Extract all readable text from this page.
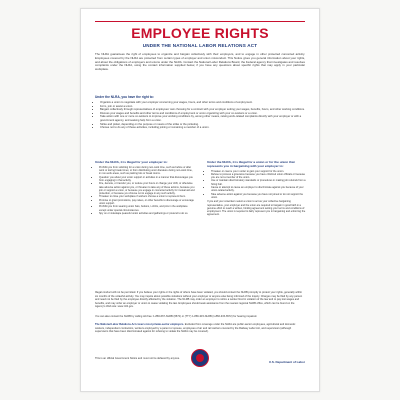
EMPLOYEE RIGHTS
UNDER THE NATIONAL LABOR RELATIONS ACT
The NLRA guarantees the right of employees to organize and bargain collectively with their employers, and to engage in other protected concerted activity. Employees covered by the NLRA are protected from certain types of employer and union misconduct. This Notice gives you general information about your rights, and about the obligations of employers and unions under the NLRA. Contact the National Labor Relations Board, the Federal agency that investigates and resolves complaints under the NLRA, using the contact information supplied below, if you have any questions about specific rights that may apply in your particular workplace.
Under the NLRA, you have the right to:
• Organize a union to negotiate with your employer concerning your wages, hours, and other terms and conditions of employment.
• Form, join or assist a union.
• Bargain collectively through representatives of employees' own choosing for a contract with your employer setting your wages, benefits, hours, and other working conditions.
• Discuss your wages and benefits and other terms and conditions of employment or union organizing with your co-workers or a union.
• Take action with one or more co-workers to improve your working conditions by, among other means, raising work-related complaints directly with your employer or with a government agency, and seeking help from a union.
• Strike and picket, depending on the purpose or means of the strike or the picketing.
• Choose not to do any of these activities, including joining or remaining a member of a union.
Under the NLRA, it is illegal for your employer to:
• Prohibit you from soliciting for a union during non-work time, such as before or after work or during break times; or from distributing union literature during non-work time, in non-work areas, such as parking lots or break rooms.
• Question you about your union support or activities in a manner that discourages you from engaging in that activity.
• Fire, demote, or transfer you, or reduce your hours or change your shift, or otherwise take adverse action against you, or threaten to take any of these actions, because you join or support a union, or because you engage in concerted activity for mutual aid and protection, or because you choose not to engage in any such activity.
• Threaten to close your workplace if workers choose a union to represent them.
• Promise or grant promotions, pay raises, or other benefits to discourage or encourage union support.
• Prohibit you from wearing union hats, buttons, t-shirts, and pins in the workplace except under special circumstances.
• Spy on or videotape peaceful union activities and gatherings or pretend to do so.
Under the NLRA, it is illegal for a union or for the union that represents you in bargaining with your employer to:
• Threaten or coerce you in order to gain your support for the union.
• Refuse to process a grievance because you have criticized union officials or because you are not a member of the union.
• Use or maintain discriminatory standards or procedures in making job referrals from a hiring hall.
• Cause or attempt to cause an employer to discriminate against you because of your union-related activity.
• Take adverse action against you because you have not joined or do not support the union.

If you and your coworkers select a union to act as your collective bargaining representative, your employer and the union are required to bargain in good faith in a genuine effort to reach a written, binding agreement setting your terms and conditions of employment. The union is required to fairly represent you in bargaining and enforcing the agreement.

Illegal conduct will not be permitted. If you believe your rights or the rights of others have been violated, you should contact the NLRB promptly to protect your rights, generally within six months of the unlawful activity. You may inquire about possible violations without your employer or anyone else being informed of the inquiry. Charges may be filed by any person and need not be filed by the employee directly affected by the violation. The NLRB may order an employer to rehire a worker fired in violation of the law and to pay lost wages and benefits, and may order an employer or union to cease violating the law. Employees should seek assistance from the nearest regional NLRB office, which can be found on the Agency's Web site: www.nlrb.gov.
You can also contact the NLRB by calling toll-free: 1-866-667-NLRB (6572) or (TTY) 1-866-315-NLRB (1-866-315-6572) for hearing impaired.
The National Labor Relations Act covers most private-sector employers. Excluded from coverage under the NLRA are public-sector employees, agricultural and domestic workers, independent contractors, workers employed by a parent or spouse, employees of air and rail carriers covered by the Railway Labor Act, and supervisors (although supervisors that have been discriminated against for refusing to violate the NLRA may be covered).
This is an official Government Notice and must not be defaced by anyone.
U.S. Department of Labor
